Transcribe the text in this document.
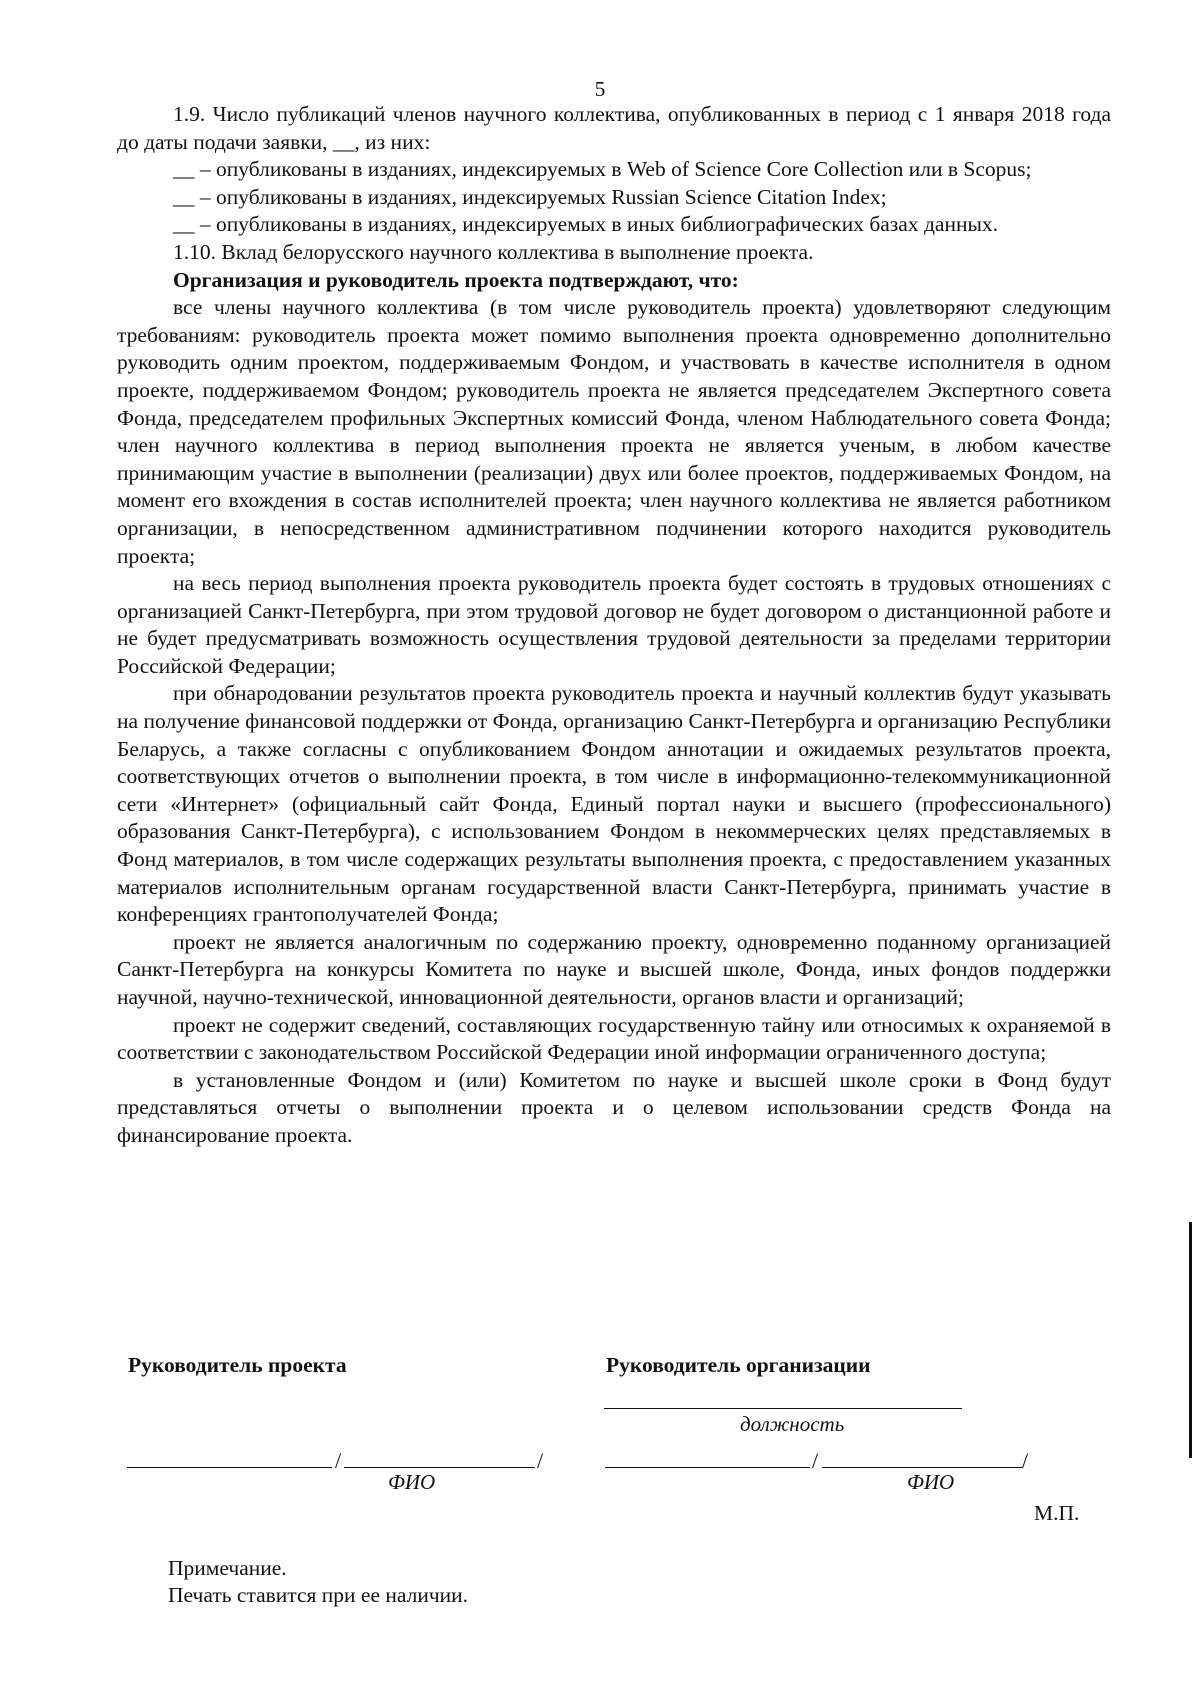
5

1.9. Число публикаций членов научного коллектива, опубликованных в период с 1 января 2018 года до даты подачи заявки, __, из них:

__ – опубликованы в изданиях, индексируемых в Web of Science Core Collection или в Scopus;

__ – опубликованы в изданиях, индексируемых Russian Science Citation Index;

__ – опубликованы в изданиях, индексируемых в иных библиографических базах данных.

1.10. Вклад белорусского научного коллектива в выполнение проекта.

Организация и руководитель проекта подтверждают, что:

все члены научного коллектива (в том числе руководитель проекта) удовлетворяют следующим требованиям: руководитель проекта может помимо выполнения проекта одновременно дополнительно руководить одним проектом, поддерживаемым Фондом, и участвовать в качестве исполнителя в одном проекте, поддерживаемом Фондом; руководитель проекта не является председателем Экспертного совета Фонда, председателем профильных Экспертных комиссий Фонда, членом Наблюдательного совета Фонда; член научного коллектива в период выполнения проекта не является ученым, в любом качестве принимающим участие в выполнении (реализации) двух или более проектов, поддерживаемых Фондом, на момент его вхождения в состав исполнителей проекта; член научного коллектива не является работником организации, в непосредственном административном подчинении которого находится руководитель проекта;

на весь период выполнения проекта руководитель проекта будет состоять в трудовых отношениях с организацией Санкт-Петербурга, при этом трудовой договор не будет договором о дистанционной работе и не будет предусматривать возможность осуществления трудовой деятельности за пределами территории Российской Федерации;

при обнародовании результатов проекта руководитель проекта и научный коллектив будут указывать на получение финансовой поддержки от Фонда, организацию Санкт-Петербурга и организацию Республики Беларусь, а также согласны с опубликованием Фондом аннотации и ожидаемых результатов проекта, соответствующих отчетов о выполнении проекта, в том числе в информационно-телекоммуникационной сети «Интернет» (официальный сайт Фонда, Единый портал науки и высшего (профессионального) образования Санкт-Петербурга), с использованием Фондом в некоммерческих целях представляемых в Фонд материалов, в том числе содержащих результаты выполнения проекта, с предоставлением указанных материалов исполнительным органам государственной власти Санкт-Петербурга, принимать участие в конференциях грантополучателей Фонда;

проект не является аналогичным по содержанию проекту, одновременно поданному организацией Санкт-Петербурга на конкурсы Комитета по науке и высшей школе, Фонда, иных фондов поддержки научной, научно-технической, инновационной деятельности, органов власти и организаций;

проект не содержит сведений, составляющих государственную тайну или относимых к охраняемой в соответствии с законодательством Российской Федерации иной информации ограниченного доступа;

в установленные Фондом и (или) Комитетом по науке и высшей школе сроки в Фонд будут представляться отчеты о выполнении проекта и о целевом использовании средств Фонда на финансирование проекта.

Руководитель проекта
/	/
ФИО
Руководитель организации
должность
/	/
ФИО
М.П.
Примечание.
Печать ставится при ее наличии.
